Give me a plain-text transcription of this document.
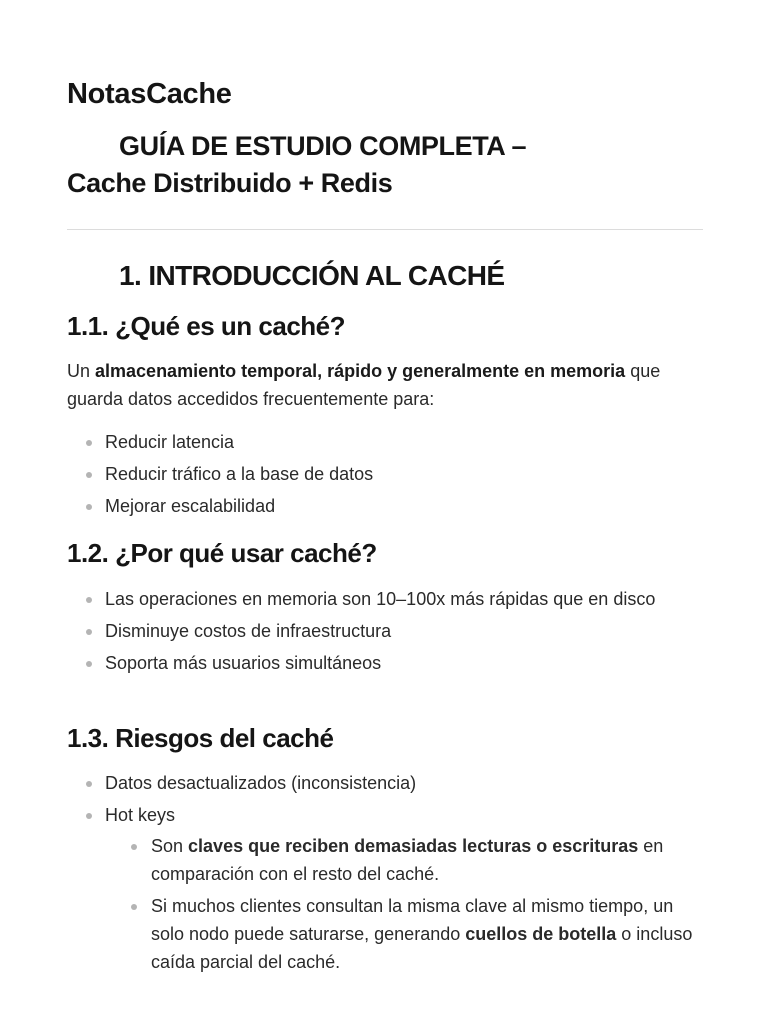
NotasCache
GUÍA DE ESTUDIO COMPLETA –
Cache Distribuido + Redis
1. INTRODUCCIÓN AL CACHÉ
1.1. ¿Qué es un caché?

Un almacenamiento temporal, rápido y generalmente en memoria que guarda datos accedidos frecuentemente para:

Reducir latencia
Reducir tráfico a la base de datos
Mejorar escalabilidad
1.2. ¿Por qué usar caché?
Las operaciones en memoria son 10–100x más rápidas que en disco
Disminuye costos de infraestructura
Soporta más usuarios simultáneos
1.3. Riesgos del caché
Datos desactualizados (inconsistencia)
Hot keys
Son claves que reciben demasiadas lecturas o escrituras en comparación con el resto del caché.
Si muchos clientes consultan la misma clave al mismo tiempo, un solo nodo puede saturarse, generando cuellos de botella o incluso caída parcial del caché.
